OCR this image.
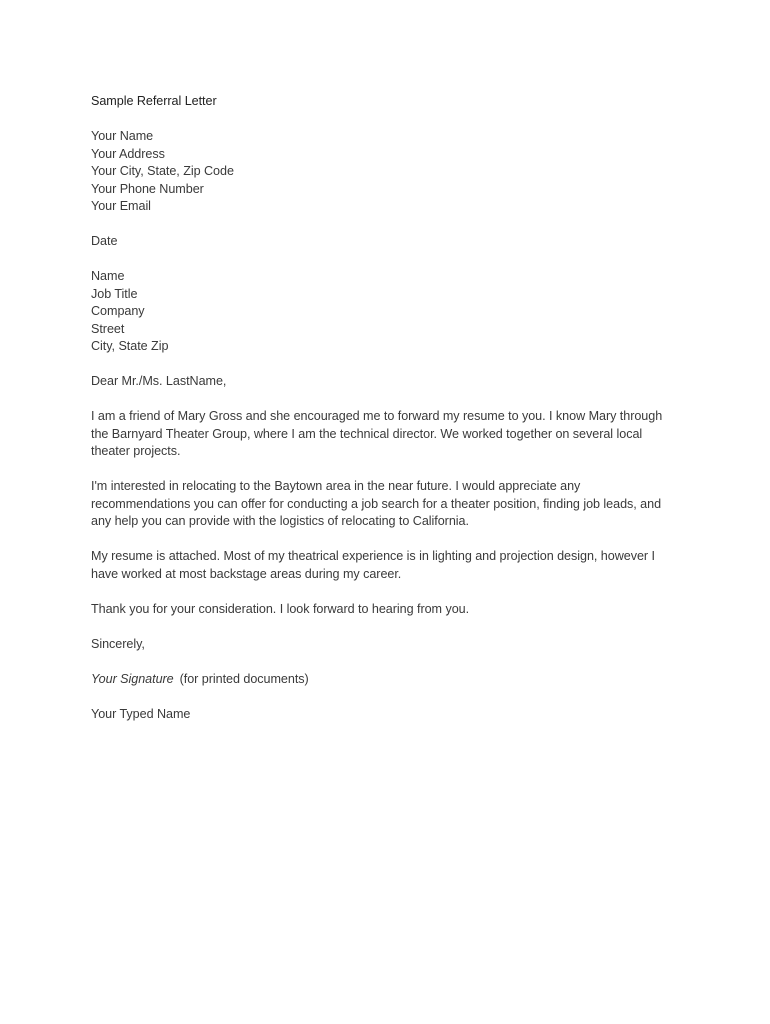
Sample Referral Letter
Your Name
Your Address
Your City, State, Zip Code
Your Phone Number
Your Email
Date
Name
Job Title
Company
Street
City, State Zip
Dear Mr./Ms. LastName,

I am a friend of Mary Gross and she encouraged me to forward my resume to you. I know Mary through the Barnyard Theater Group, where I am the technical director. We worked together on several local theater projects.

I'm interested in relocating to the Baytown area in the near future. I would appreciate any recommendations you can offer for conducting a job search for a theater position, finding job leads, and any help you can provide with the logistics of relocating to California.

My resume is attached. Most of my theatrical experience is in lighting and projection design, however I have worked at most backstage areas during my career.

Thank you for your consideration. I look forward to hearing from you.

Sincerely,
Your Signature (for printed documents)
Your Typed Name
